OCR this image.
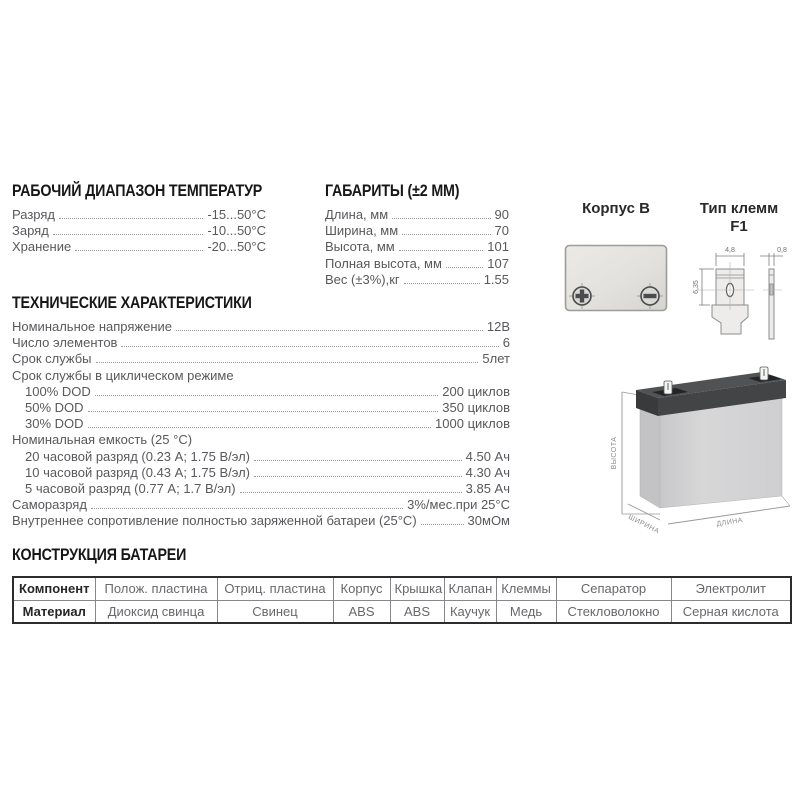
РАБОЧИЙ ДИАПАЗОН ТЕМПЕРАТУР
Разряд	-15...50°C
Заряд	-10...50°C
Хранение	-20...50°C
ГАБАРИТЫ (±2 ММ)
Длина, мм	90
Ширина, мм	70
Высота, мм	101
Полная высота, мм	107
Вес (±3%),кг	1.55
Корпус B	Тип клемм
F1
4,8	0,8
6,35
ТЕХНИЧЕСКИЕ ХАРАКТЕРИСТИКИ
Номинальное напряжение	12В
Число элементов	6
Срок службы	5лет
Срок службы в циклическом режиме
100% DOD	200 циклов
50% DOD	350 циклов
30% DOD	1000 циклов
Номинальная емкость (25 °C)
20 часовой разряд (0.23 А; 1.75 В/эл)	4.50 Ач
10 часовой разряд (0.43 А; 1.75 В/эл)	4.30 Ач
5 часовой разряд (0.77 А; 1.7 В/эл)	3.85 Ач
Саморазряд	3%/мес.при 25°C
Внутреннее сопротивление полностью заряженной батареи (25°C)	30мОм
ВЫСОТА
ШИРИНА	ДЛИНА
КОНСТРУКЦИЯ БАТАРЕИ
Компонент	Полож. пластина	Отриц. пластина	Корпус	Крышка	Клапан	Клеммы	Сепаратор	Электролит
Материал	Диоксид свинца	Свинец	ABS	ABS	Каучук	Медь	Стекловолокно	Серная кислота
